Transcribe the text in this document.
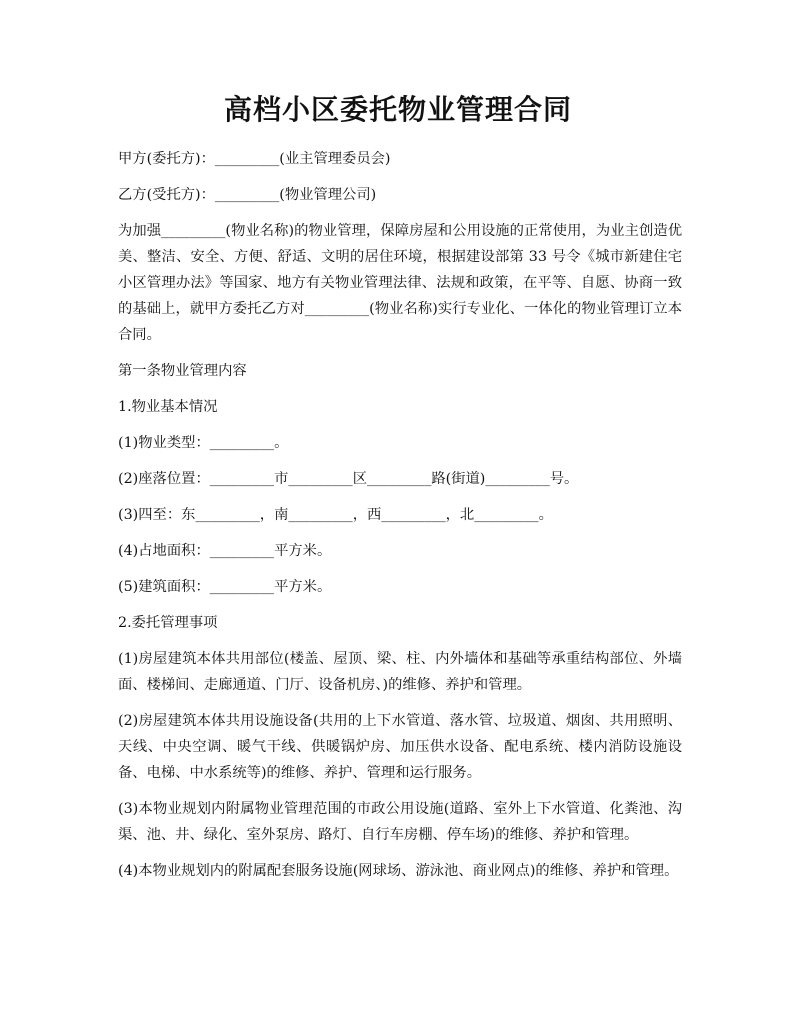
高档小区委托物业管理合同

甲方(委托方)：_________(业主管理委员会)

乙方(受托方)：_________(物业管理公司)

为加强_________(物业名称)的物业管理，保障房屋和公用设施的正常使用，为业主创造优美、整洁、安全、方便、舒适、文明的居住环境，根据建设部第 33 号令《城市新建住宅小区管理办法》等国家、地方有关物业管理法律、法规和政策，在平等、自愿、协商一致的基础上，就甲方委托乙方对_________(物业名称)实行专业化、一体化的物业管理订立本合同。

第一条物业管理内容

1.物业基本情况

(1)物业类型：_________。

(2)座落位置：_________市_________区_________路(街道)_________号。

(3)四至：东_________，南_________，西_________，北_________。

(4)占地面积：_________平方米。

(5)建筑面积：_________平方米。

2.委托管理事项

(1)房屋建筑本体共用部位(楼盖、屋顶、梁、柱、内外墙体和基础等承重结构部位、外墙面、楼梯间、走廊通道、门厅、设备机房、)的维修、养护和管理。

(2)房屋建筑本体共用设施设备(共用的上下水管道、落水管、垃圾道、烟囱、共用照明、天线、中央空调、暖气干线、供暖锅炉房、加压供水设备、配电系统、楼内消防设施设备、电梯、中水系统等)的维修、养护、管理和运行服务。

(3)本物业规划内附属物业管理范围的市政公用设施(道路、室外上下水管道、化粪池、沟渠、池、井、绿化、室外泵房、路灯、自行车房棚、停车场)的维修、养护和管理。

(4)本物业规划内的附属配套服务设施(网球场、游泳池、商业网点)的维修、养护和管理。
